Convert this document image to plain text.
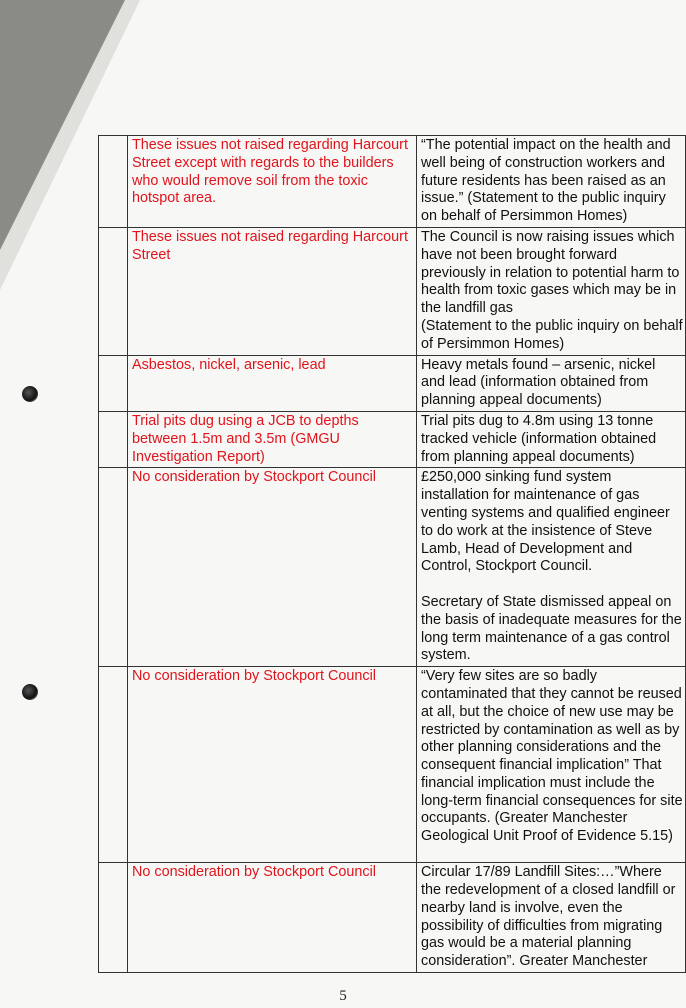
	These issues not raised regarding Harcourt Street except with regards to the builders who would remove soil from the toxic hotspot area.	“The potential impact on the health and well being of construction workers and future residents has been raised as an issue.” (Statement to the public inquiry on behalf of Persimmon Homes)
	These issues not raised regarding Harcourt Street	The Council is now raising issues which have not been brought forward previously in relation to potential harm to health from toxic gases which may be in the landfill gas
(Statement to the public inquiry on behalf of Persimmon Homes)
	Asbestos, nickel, arsenic, lead	Heavy metals found – arsenic, nickel and lead (information obtained from planning appeal documents)
	Trial pits dug using a JCB to depths between 1.5m and 3.5m (GMGU Investigation Report)	Trial pits dug to 4.8m using 13 tonne tracked vehicle (information obtained from planning appeal documents)
	No consideration by Stockport Council	£250,000 sinking fund system installation for maintenance of gas venting systems and qualified engineer to do work at the insistence of Steve Lamb, Head of Development and Control, Stockport Council.

Secretary of State dismissed appeal on the basis of inadequate measures for the long term maintenance of a gas control system.
	No consideration by Stockport Council	“Very few sites are so badly contaminated that they cannot be reused at all, but the choice of new use may be restricted by contamination as well as by other planning considerations and the consequent financial implication” That financial implication must include the long-term financial consequences for site occupants. (Greater Manchester Geological Unit Proof of Evidence 5.15)
	No consideration by Stockport Council	Circular 17/89 Landfill Sites:…”Where the redevelopment of a closed landfill or nearby land is involve, even the possibility of difficulties from migrating gas would be a material planning consideration”. Greater Manchester
5
